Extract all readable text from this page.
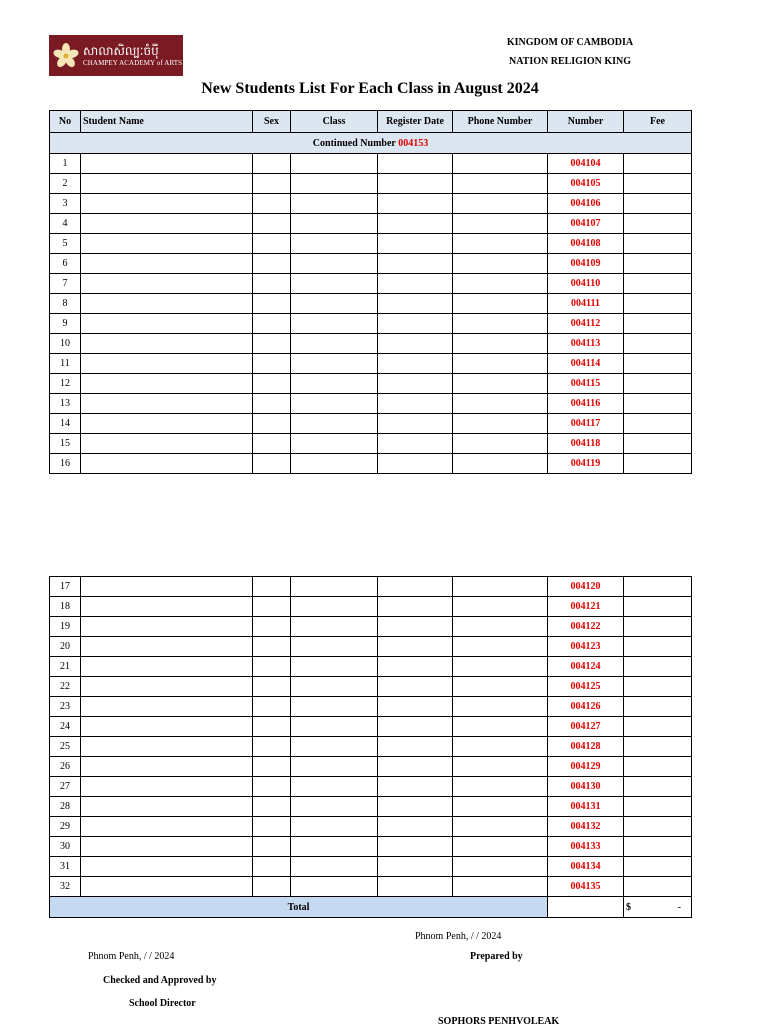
សាលាសិល្បៈចំប៉ី
CHAMPEY ACADEMY of ARTS
KINGDOM OF CAMBODIA
NATION RELIGION KING
New Students List For Each Class in August 2024
No	Student Name	Sex	Class	Register Date	Phone Number	Number	Fee
Continued Number 004153							
1						004104	
2						004105	
3						004106	
4						004107	
5						004108	
6						004109	
7						004110	
8						004111	
9						004112	
10						004113	
11						004114	
12						004115	
13						004116	
14						004117	
15						004118	
16						004119	
17						004120	
18						004121	
19						004122	
20						004123	
21						004124	
22						004125	
23						004126	
24						004127	
25						004128	
26						004129	
27						004130	
28						004131	
29						004132	
30						004133	
31						004134	
32						004135	
Total							$ -
Phnom Penh, / / 2024
Phnom Penh, / / 2024	Prepared by
Checked and Approved by
School Director
SOPHORS PENHVOLEAK
